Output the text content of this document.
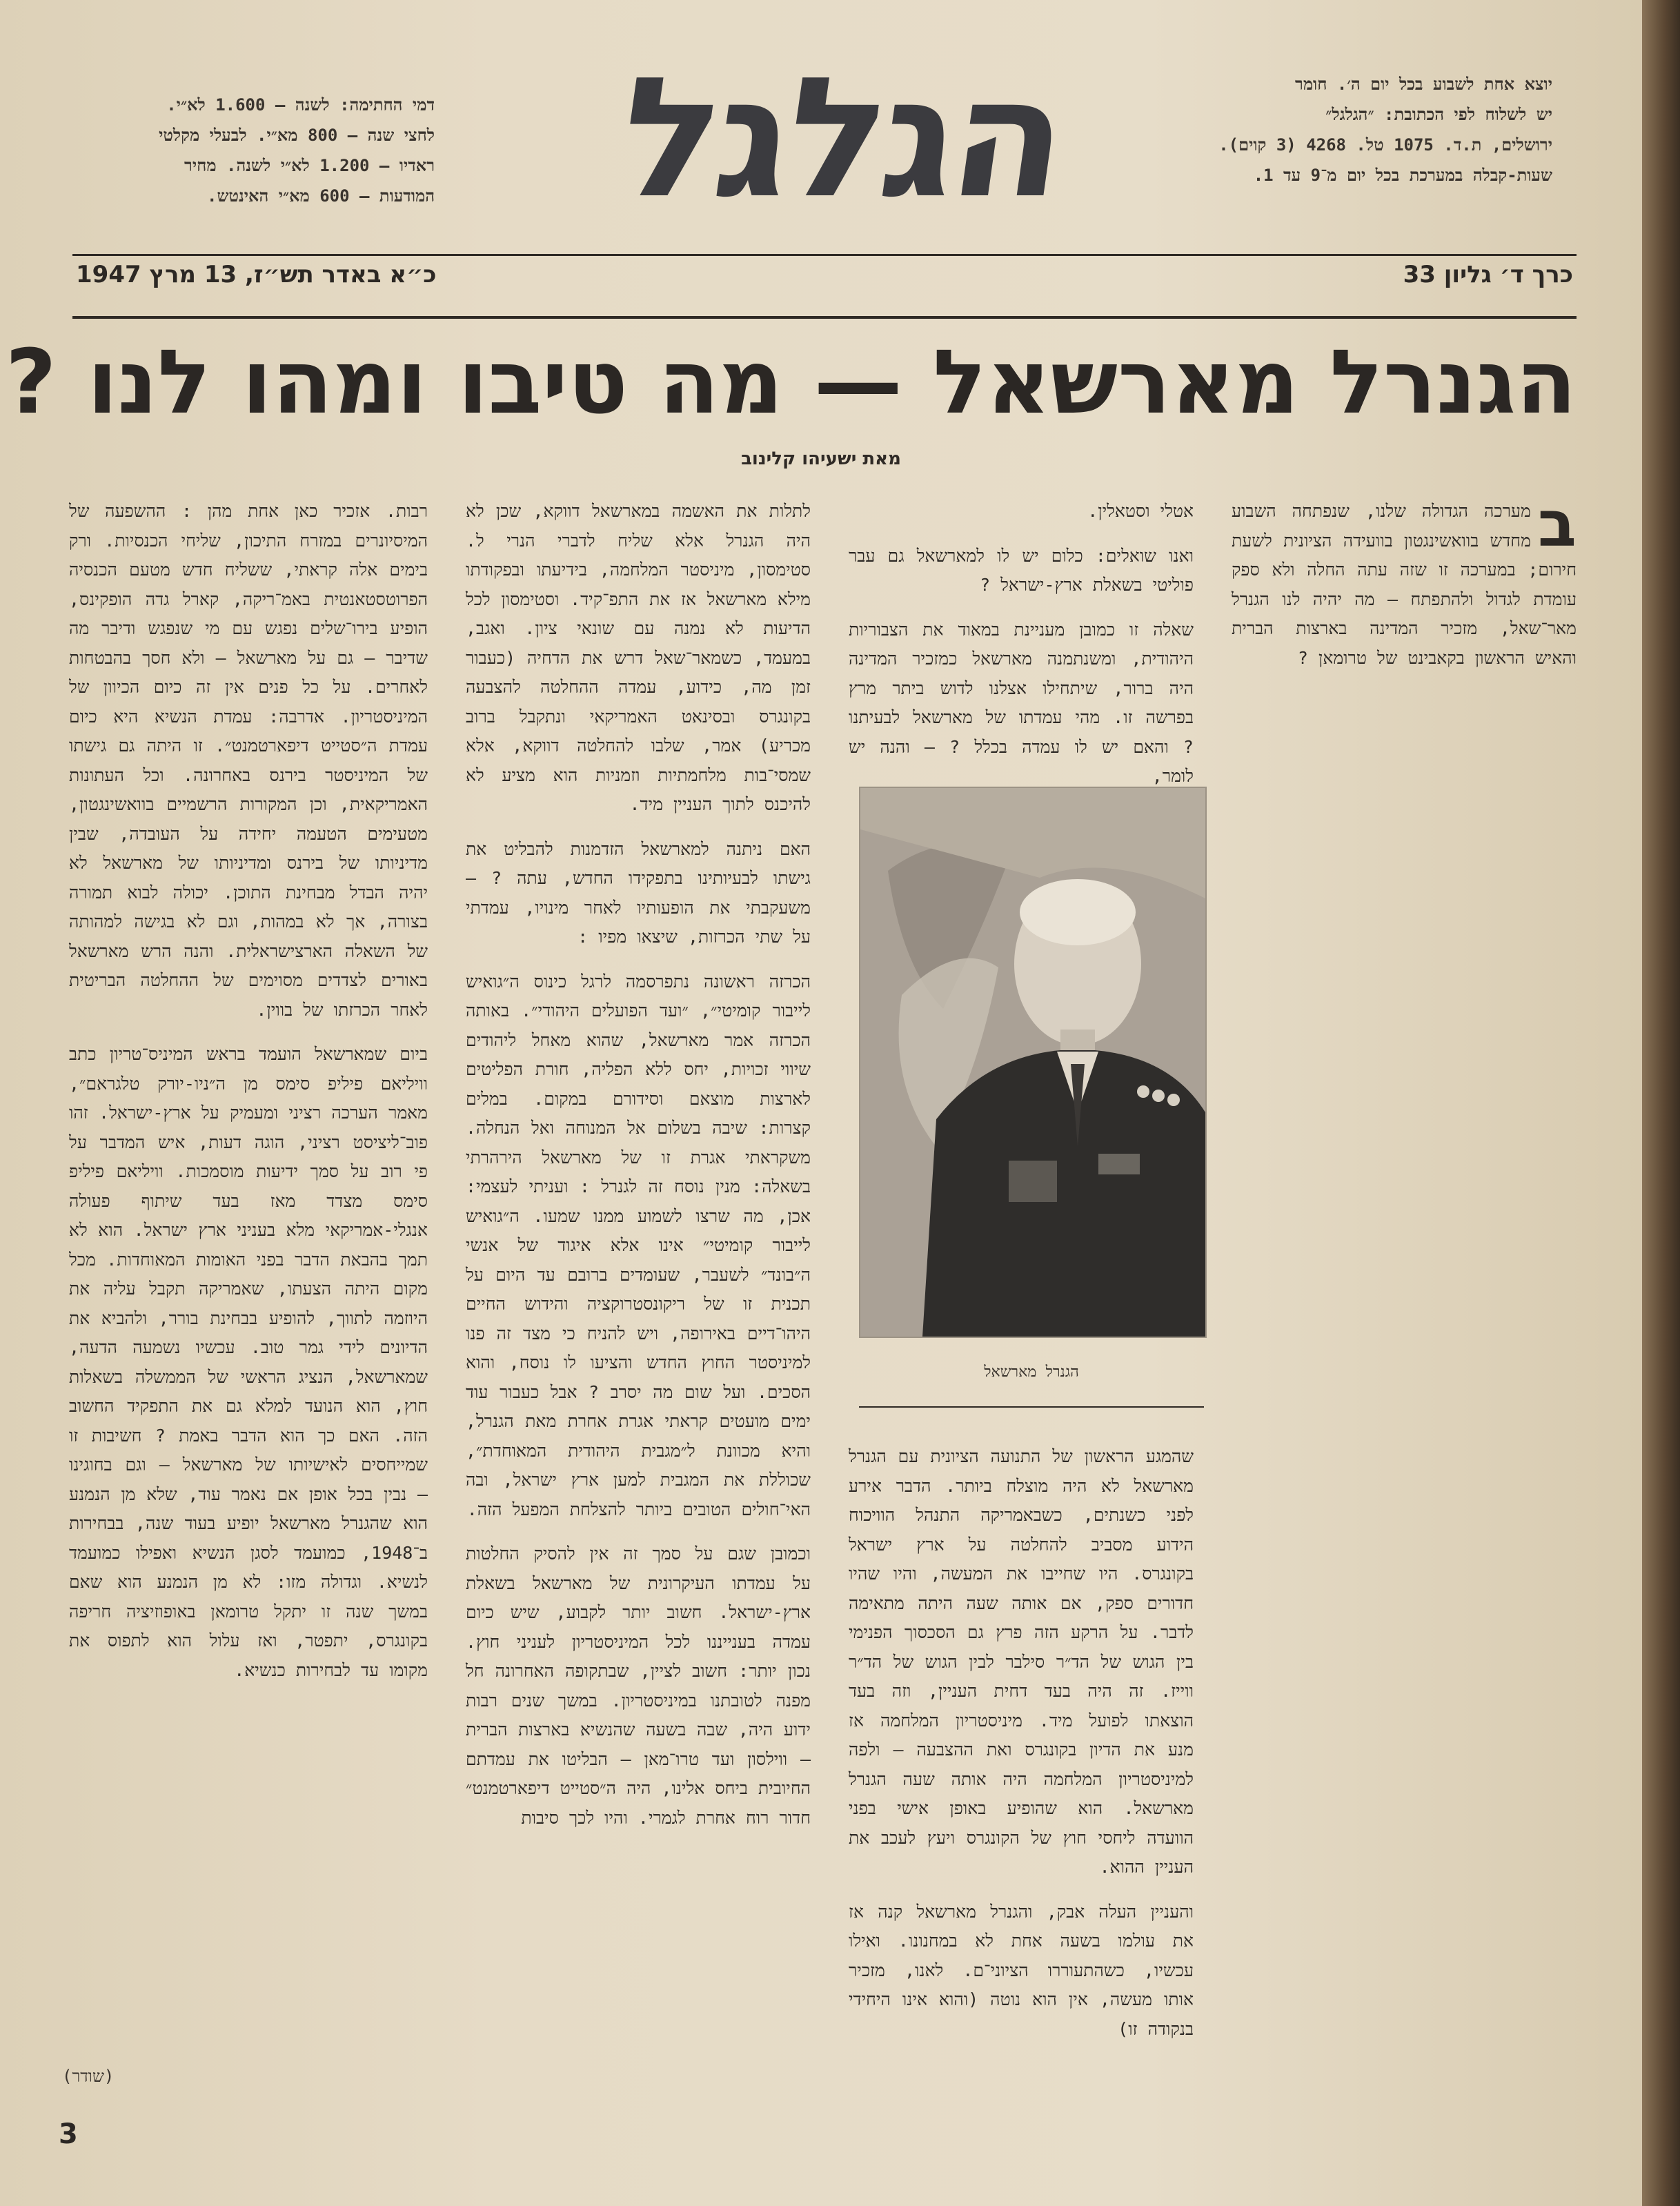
הגלגל	יוצא אחת לשבוע בכל יום ה׳. חומר

יש לשלוח לפי הכתובת: ״הגלגל״

ירושלים, ת.ד. 1075 טל. 4268 (3 קוים).

שעות-קבלה במערכת בכל יום מ־9 עד 1.

דמי החתימה: לשנה — 1.600 לא״י.

לחצי שנה — 800 מא״י. לבעלי מקלטי

ראדיו — 1.200 לא״י לשנה. מחיר

המודעות — 600 מא״י האינטש.

כרך ד׳ גליון 33
כ״א באדר תש״ז, 13 מרץ 1947
הגנרל מארשאל — מה טיבו ומהו לנו ?
מאת ישעיהו קלינוב

ב
מערכה הגדולה שלנו, שנפתחה השבוע מחדש בוואשינגטון בוועידה הציונית לשעת חירום; במערכה זו שזה עתה החלה ולא ספק עומדת לגדול ולהתפתח — מה יהיה לנו הגנרל מאר־שאל, מזכיר המדינה בארצות הברית והאיש הראשון בקאבינט של טרומאן ?

אטלי וסטאלין.

ואנו שואלים: כלום יש לו למארשאל גם עבר פוליטי בשאלת ארץ-ישראל ?

שאלה זו כמובן מעניינת במאוד את הצבוריות היהודית, ומשנתמנה מארשאל כמזכיר המדינה היה ברור, שיתחילו אצלנו לדוש ביתר מרץ בפרשה זו. מהי עמדתו של מארשאל לבעיתנו ? והאם יש לו עמדה בכלל ? — והנה יש לומר,

הגנרל מארשאל

שהמגע הראשון של התנועה הציונית עם הגנרל מארשאל לא היה מוצלח ביותר. הדבר אירע לפני כשנתים, כשבאמריקה התנהל הוויכוח הידוע מסביב להחלטה על ארץ ישראל בקונגרס. היו שחייבו את המעשה, והיו שהיו חדורים ספק, אם אותה שעה היתה מתאימה לדבר. על הרקע הזה פרץ גם הסכסוך הפנימי בין הגוש של הד״ר סילבר לבין הגוש של הד״ר ווייז. זה היה בעד דחית העניין, וזה בעד הוצאתו לפועל מיד. מיניסטריון המלחמה אז מנע את הדיון בקונגרס ואת ההצבעה — ולפה למיניסטריון המלחמה היה אותה שעה הגנרל מארשאל. הוא שהופיע באופן אישי בפני הוועדה ליחסי חוץ של הקונגרס ויעץ לעכב את העניין ההוא.

והעניין העלה אבק, והגנרל מארשאל קנה אז את עולמו בשעה אחת לא במחנונו. ואילו עכשיו, כשהתעוררו הציוני־ם. לאנו, מזכיר אותו מעשה, אין הוא נוטה (והוא אינו היחידי בנקודה זו)

לתלות את האשמה במארשאל דווקא, שכן לא היה הגנרל אלא שליח לדברי הנרי ל. סטימסון, מיניסטר המלחמה, בידיעתו ובפקודתו מילא מארשאל אז את התפ־קיד. וסטימסון לכל הדיעות לא נמנה עם שונאי ציון. ואגב, במעמד, כשמאר־שאל דרש את הדחיה (כעבור זמן מה, כידוע, עמדה ההחלטה להצבעה בקונגרס ובסינאט האמריקאי ונתקבל ברוב מכריע) אמר, שלבו להחלטה דווקא, אלא שמסי־בות מלחמתיות וזמניות הוא מציע לא להיכנס לתוך העניין מיד.

האם ניתנה למארשאל הזדמנות להבליט את גישתו לבעיותינו בתפקידו החדש, עתה ? — משעקבתי את הופעותיו לאחר מינויו, עמדתי על שתי הכרזות, שיצאו מפיו :

הכרזה ראשונה נתפרסמה לרגל כינוס ה״גואיש לייבור קומיטי״, ״ועד הפועלים היהודי״. באותה הכרזה אמר מארשאל, שהוא מאחל ליהודים שיווי זכויות, יחס ללא הפליה, חורת הפליטים לארצות מוצאם וסידורם במקום. במלים קצרות: שיבה בשלום אל המנוחה ואל הנחלה. משקראתי אגרת זו של מארשאל הירהרתי בשאלה: מנין נוסח זה לגנרל : ועניתי לעצמי: אכן, מה שרצו לשמוע ממנו שמעו. ה״גואיש לייבור קומיטי״ אינו אלא איגוד של אנשי ה״בונד״ לשעבר, שעומדים ברובם עד היום על תכנית זו של ריקונסטרוקציה והידוש החיים היהו־דיים באירופה, ויש להניח כי מצד זה פנו למיניסטר החוץ החדש והציעו לו נוסח, והוא הסכים. ועל שום מה יסרב ? אבל כעבור עוד ימים מועטים קראתי אגרת אחרת מאת הגנרל, והיא מכוונת ל״מגבית היהודית המאוחדת״, שכוללת את המגבית למען ארץ ישראל, ובה האי־חולים הטובים ביותר להצלחת המפעל הזה.

וכמובן שגם על סמך זה אין להסיק החלטות על עמדתו העיקרונית של מארשאל בשאלת ארץ-ישראל. חשוב יותר לקבוע, שיש כיום עמדה בענייננו לכל המיניסטריון לעניני חוץ. נכון יותר: חשוב לציין, שבתקופה האחרונה חל מפנה לטובתנו במיניסטריון. במשך שנים רבות ידוע היה, שבה בשעה שהנשיא בארצות הברית — ווילסון ועד טרו־מאן — הבליטו את עמדתם החיובית ביחס אלינו, היה ה״סטייט דיפארטמנט״ חדור רוח אחרת לגמרי. והיו לכך סיבות

רבות. אזכיר כאן אחת מהן : ההשפעה של המיסיונרים במזרח התיכון, שליחי הכנסיות. ורק בימים אלה קראתי, ששליח חדש מטעם הכנסיה הפרוטסטאנטית באמ־ריקה, קארל גדה הופקינס, הופיע בירו־שלים נפגש עם מי שנפגש ודיבר מה שדיבר — גם על מארשאל — ולא חסך בהבטחות לאחרים. על כל פנים אין זה כיום הכיוון של המיניסטריון. אדרבה: עמדת הנשיא היא כיום עמדת ה״סטייט דיפארטמנט״. זו היתה גם גישתו של המיניסטר בירנס באחרונה. וכל העתונות האמריקאית, וכן המקורות הרשמיים בוואשינגטון, מטעימים הטעמה יחידה על העובדה, שבין מדיניותו של בירנס ומדיניותו של מארשאל לא יהיה הבדל מבחינת התוכן. יכולה לבוא תמורה בצורה, אך לא במהות, וגם לא בגישה למהותה של השאלה הארצישראלית. והנה הרש מארשאל באורים לצדדים מסוימים של ההחלטה הבריטית לאחר הכרזתו של בווין.

ביום שמארשאל הועמד בראש המיניס־טריון כתב וויליאם פיליפ סימס מן ה״ניו-יורק טלגראם״, מאמר הערכה רציני ומעמיק על ארץ-ישראל. זהו פוב־ליציסט רציני, הוגה דעות, איש המדבר על פי רוב על סמך ידיעות מוסמכות. וויליאם פיליפ סימס מצדד מאז בעד שיתוף פעולה אנגלי-אמריקאי מלא בעניני ארץ ישראל. הוא לא תמך בהבאת הדבר בפני האומות המאוחדות. מכל מקום היתה הצעתו, שאמריקה תקבל עליה את היוזמה לתווך, להופיע בבחינת בורר, ולהביא את הדיונים לידי גמר טוב. עכשיו נשמעה הדעה, שמארשאל, הנציג הראשי של הממשלה בשאלות חוץ, הוא הנועד למלא גם את התפקיד החשוב הזה. האם כך הוא הדבר באמת ? חשיבות זו שמייחסים לאישיותו של מארשאל — וגם בחוגינו — נבין בכל אופן אם נאמר עוד, שלא מן הנמנע הוא שהגנרל מארשאל יופיע בעוד שנה, בבחירות ב־1948, כמועמד לסגן הנשיא ואפילו כמועמד לנשיא. וגדולה מזו: לא מן הנמנע הוא שאם במשך שנה זו יתקל טרומאן באופוזיציה חריפה בקונגרס, יתפטר, ואז עלול הוא לתפוס את מקומו עד לבחירות כנשיא.

(שודר)
3
